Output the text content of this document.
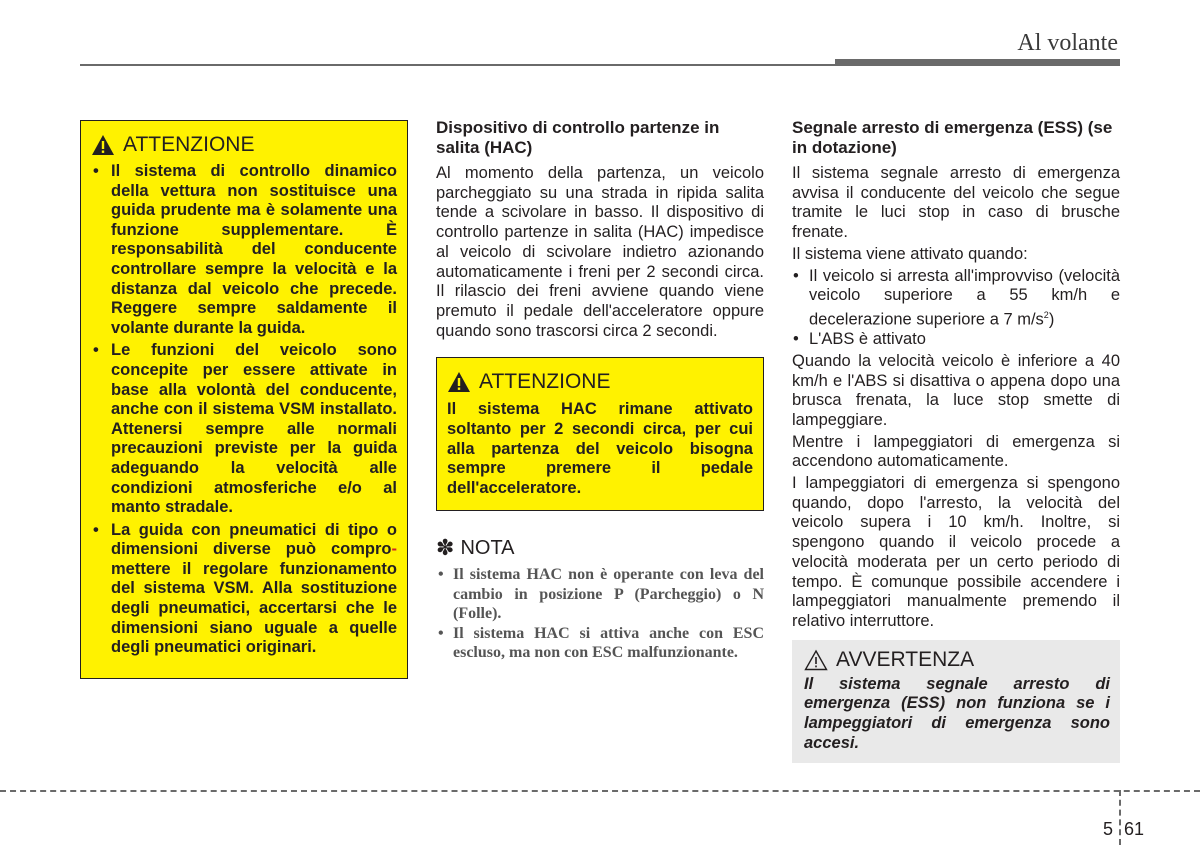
Al volante
ATTENZIONE
• Il sistema di controllo dinamico della vettura non sostituisce una guida prudente ma è solamente una funzione supplementare. È responsabilità del conducente controllare sempre la velocità e la distanza dal veicolo che precede. Reggere sempre saldamente il volante durante la guida.
• Le funzioni del veicolo sono concepite per essere attivate in base alla volontà del conducente, anche con il sistema VSM installato. Attenersi sempre alle normali precauzioni previste per la guida adeguando la velocità alle condizioni atmosferiche e/o al manto stradale.
• La guida con pneumatici di tipo o dimensioni diverse può compro-mettere il regolare funzionamento del sistema VSM. Alla sostituzione degli pneumatici, accertarsi che le dimensioni siano uguale a quelle degli pneumatici originari.
Dispositivo di controllo partenze in salita (HAC)

Al momento della partenza, un veicolo parcheggiato su una strada in ripida salita tende a scivolare in basso. Il dispositivo di controllo partenze in salita (HAC) impedisce al veicolo di scivolare indietro azionando automaticamente i freni per 2 secondi circa. Il rilascio dei freni avviene quando viene premuto il pedale dell'acceleratore oppure quando sono trascorsi circa 2 secondi.

ATTENZIONE
Il sistema HAC rimane attivato soltanto per 2 secondi circa, per cui alla partenza del veicolo bisogna sempre premere il pedale dell'acceleratore.
✽ NOTA
• Il sistema HAC non è operante con leva del cambio in posizione P (Parcheggio) o N (Folle).
• Il sistema HAC si attiva anche con ESC escluso, ma non con ESC malfunzionante.
Segnale arresto di emergenza (ESS) (se in dotazione)

Il sistema segnale arresto di emergenza avvisa il conducente del veicolo che segue tramite le luci stop in caso di brusche frenate.

Il sistema viene attivato quando:

• Il veicolo si arresta all'improvviso (velocità veicolo superiore a 55 km/h e decelerazione superiore a 7 $m/s^2$)
• L'ABS è attivato

Quando la velocità veicolo è inferiore a 40 km/h e l'ABS si disattiva o appena dopo una brusca frenata, la luce stop smette di lampeggiare.

Mentre i lampeggiatori di emergenza si accendono automaticamente.

I lampeggiatori di emergenza si spengono quando, dopo l'arresto, la velocità del veicolo supera i 10 km/h. Inoltre, si spengono quando il veicolo procede a velocità moderata per un certo periodo di tempo. È comunque possibile accendere i lampeggiatori manualmente premendo il relativo interruttore.

AVVERTENZA
Il sistema segnale arresto di emergenza (ESS) non funziona se i lampeggiatori di emergenza sono accesi.
5 61
